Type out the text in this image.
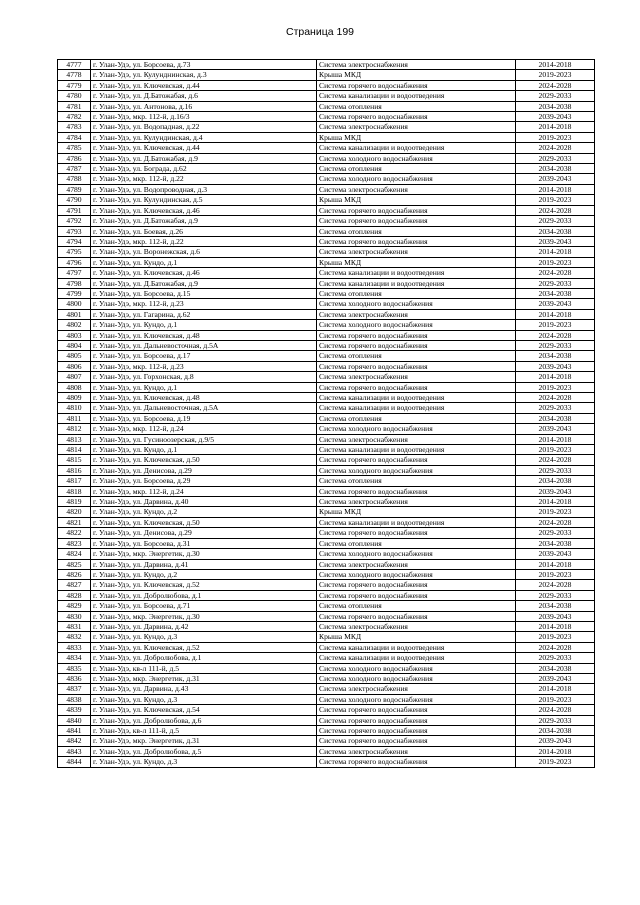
Страница 199
4777	г. Улан-Удэ, ул. Борсоева, д.73	Система электроснабжения	2014-2018
4778	г. Улан-Удэ, ул. Кулунднинская, д.3	Крыша МКД	2019-2023
4779	г. Улан-Удэ, ул. Ключевская, д.44	Система горячего водоснабжения	2024-2028
4780	г. Улан-Удэ, ул. Д.Батожабая, д.6	Система канализации и водоотведения	2029-2033
4781	г. Улан-Удэ, ул. Антонова, д.16	Система отопления	2034-2038
4782	г. Улан-Удэ, мкр. 112-й, д.16/3	Система горячего водоснабжения	2039-2043
4783	г. Улан-Удэ, ул. Водопадная, д.22	Система электроснабжения	2014-2018
4784	г. Улан-Удэ, ул. Кулундинская, д.4	Крыша МКД	2019-2023
4785	г. Улан-Удэ, ул. Ключевская, д.44	Система канализации и водоотведения	2024-2028
4786	г. Улан-Удэ, ул. Д.Батожабая, д.9	Система холодного водоснабжения	2029-2033
4787	г. Улан-Удэ, ул. Бограда, д.62	Система отопления	2034-2038
4788	г. Улан-Удэ, мкр. 112-й, д.22	Система холодного водоснабжения	2039-2043
4789	г. Улан-Удэ, ул. Водопроводная, д.3	Система электроснабжения	2014-2018
4790	г. Улан-Удэ, ул. Кулундинская, д.5	Крыша МКД	2019-2023
4791	г. Улан-Удэ, ул. Ключевская, д.46	Система горячего водоснабжения	2024-2028
4792	г. Улан-Удэ, ул. Д.Батожабая, д.9	Система горячего водоснабжения	2029-2033
4793	г. Улан-Удэ, ул. Боевая, д.26	Система отопления	2034-2038
4794	г. Улан-Удэ, мкр. 112-й, д.22	Система горячего водоснабжения	2039-2043
4795	г. Улан-Удэ, ул. Воронежская, д.6	Система электроснабжения	2014-2018
4796	г. Улан-Удэ, ул. Кундо, д.1	Крыша МКД	2019-2023
4797	г. Улан-Удэ, ул. Ключевская, д.46	Система канализации и водоотведения	2024-2028
4798	г. Улан-Удэ, ул. Д.Батожабая, д.9	Система канализации и водоотведения	2029-2033
4799	г. Улан-Удэ, ул. Борсоева, д.15	Система отопления	2034-2038
4800	г. Улан-Удэ, мкр. 112-й, д.23	Система холодного водоснабжения	2039-2043
4801	г. Улан-Удэ, ул. Гагарина, д.62	Система электроснабжения	2014-2018
4802	г. Улан-Удэ, ул. Кундо, д.1	Система холодного водоснабжения	2019-2023
4803	г. Улан-Удэ, ул. Ключевская, д.48	Система горячего водоснабжения	2024-2028
4804	г. Улан-Удэ, ул. Дальневосточная, д.5А	Система горячего водоснабжения	2029-2033
4805	г. Улан-Удэ, ул. Борсоева, д.17	Система отопления	2034-2038
4806	г. Улан-Удэ, мкр. 112-й, д.23	Система горячего водоснабжения	2039-2043
4807	г. Улан-Удэ, ул. Горхонская, д.8	Система электроснабжения	2014-2018
4808	г. Улан-Удэ, ул. Кундо, д.1	Система горячего водоснабжения	2019-2023
4809	г. Улан-Удэ, ул. Ключевская, д.48	Система канализации и водоотведения	2024-2028
4810	г. Улан-Удэ, ул. Дальневосточная, д.5А	Система канализации и водоотведения	2029-2033
4811	г. Улан-Удэ, ул. Борсоева, д.19	Система отопления	2034-2038
4812	г. Улан-Удэ, мкр. 112-й, д.24	Система холодного водоснабжения	2039-2043
4813	г. Улан-Удэ, ул. Гусиноозерская, д.9/5	Система электроснабжения	2014-2018
4814	г. Улан-Удэ, ул. Кундо, д.1	Система канализации и водоотведения	2019-2023
4815	г. Улан-Удэ, ул. Ключевская, д.50	Система горячего водоснабжения	2024-2028
4816	г. Улан-Удэ, ул. Денисова, д.29	Система холодного водоснабжения	2029-2033
4817	г. Улан-Удэ, ул. Борсоева, д.29	Система отопления	2034-2038
4818	г. Улан-Удэ, мкр. 112-й, д.24	Система горячего водоснабжения	2039-2043
4819	г. Улан-Удэ, ул. Дарвина, д.40	Система электроснабжения	2014-2018
4820	г. Улан-Удэ, ул. Кундо, д.2	Крыша МКД	2019-2023
4821	г. Улан-Удэ, ул. Ключевская, д.50	Система канализации и водоотведения	2024-2028
4822	г. Улан-Удэ, ул. Денисова, д.29	Система горячего водоснабжения	2029-2033
4823	г. Улан-Удэ, ул. Борсоева, д.31	Система отопления	2034-2038
4824	г. Улан-Удэ, мкр. Энергетик, д.30	Система холодного водоснабжения	2039-2043
4825	г. Улан-Удэ, ул. Дарвина, д.41	Система электроснабжения	2014-2018
4826	г. Улан-Удэ, ул. Кундо, д.2	Система холодного водоснабжения	2019-2023
4827	г. Улан-Удэ, ул. Ключевская, д.52	Система горячего водоснабжения	2024-2028
4828	г. Улан-Удэ, ул. Добролюбова, д.1	Система горячего водоснабжения	2029-2033
4829	г. Улан-Удэ, ул. Борсоева, д.71	Система отопления	2034-2038
4830	г. Улан-Удэ, мкр. Энергетик, д.30	Система горячего водоснабжения	2039-2043
4831	г. Улан-Удэ, ул. Дарвина, д.42	Система электроснабжения	2014-2018
4832	г. Улан-Удэ, ул. Кундо, д.3	Крыша МКД	2019-2023
4833	г. Улан-Удэ, ул. Ключевская, д.52	Система канализации и водоотведения	2024-2028
4834	г. Улан-Удэ, ул. Добролюбова, д.1	Система канализации и водоотведения	2029-2033
4835	г. Улан-Удэ, кв-л 111-й, д.5	Система холодного водоснабжения	2034-2038
4836	г. Улан-Удэ, мкр. Энергетик, д.31	Система холодного водоснабжения	2039-2043
4837	г. Улан-Удэ, ул. Дарвина, д.43	Система электроснабжения	2014-2018
4838	г. Улан-Удэ, ул. Кундо, д.3	Система холодного водоснабжения	2019-2023
4839	г. Улан-Удэ, ул. Ключевская, д.54	Система горячего водоснабжения	2024-2028
4840	г. Улан-Удэ, ул. Добролюбова, д.6	Система горячего водоснабжения	2029-2033
4841	г. Улан-Удэ, кв-л 111-й, д.5	Система горячего водоснабжения	2034-2038
4842	г. Улан-Удэ, мкр. Энергетик, д.31	Система горячего водоснабжения	2039-2043
4843	г. Улан-Удэ, ул. Добролюбова, д.5	Система электроснабжения	2014-2018
4844	г. Улан-Удэ, ул. Кундо, д.3	Система горячего водоснабжения	2019-2023
